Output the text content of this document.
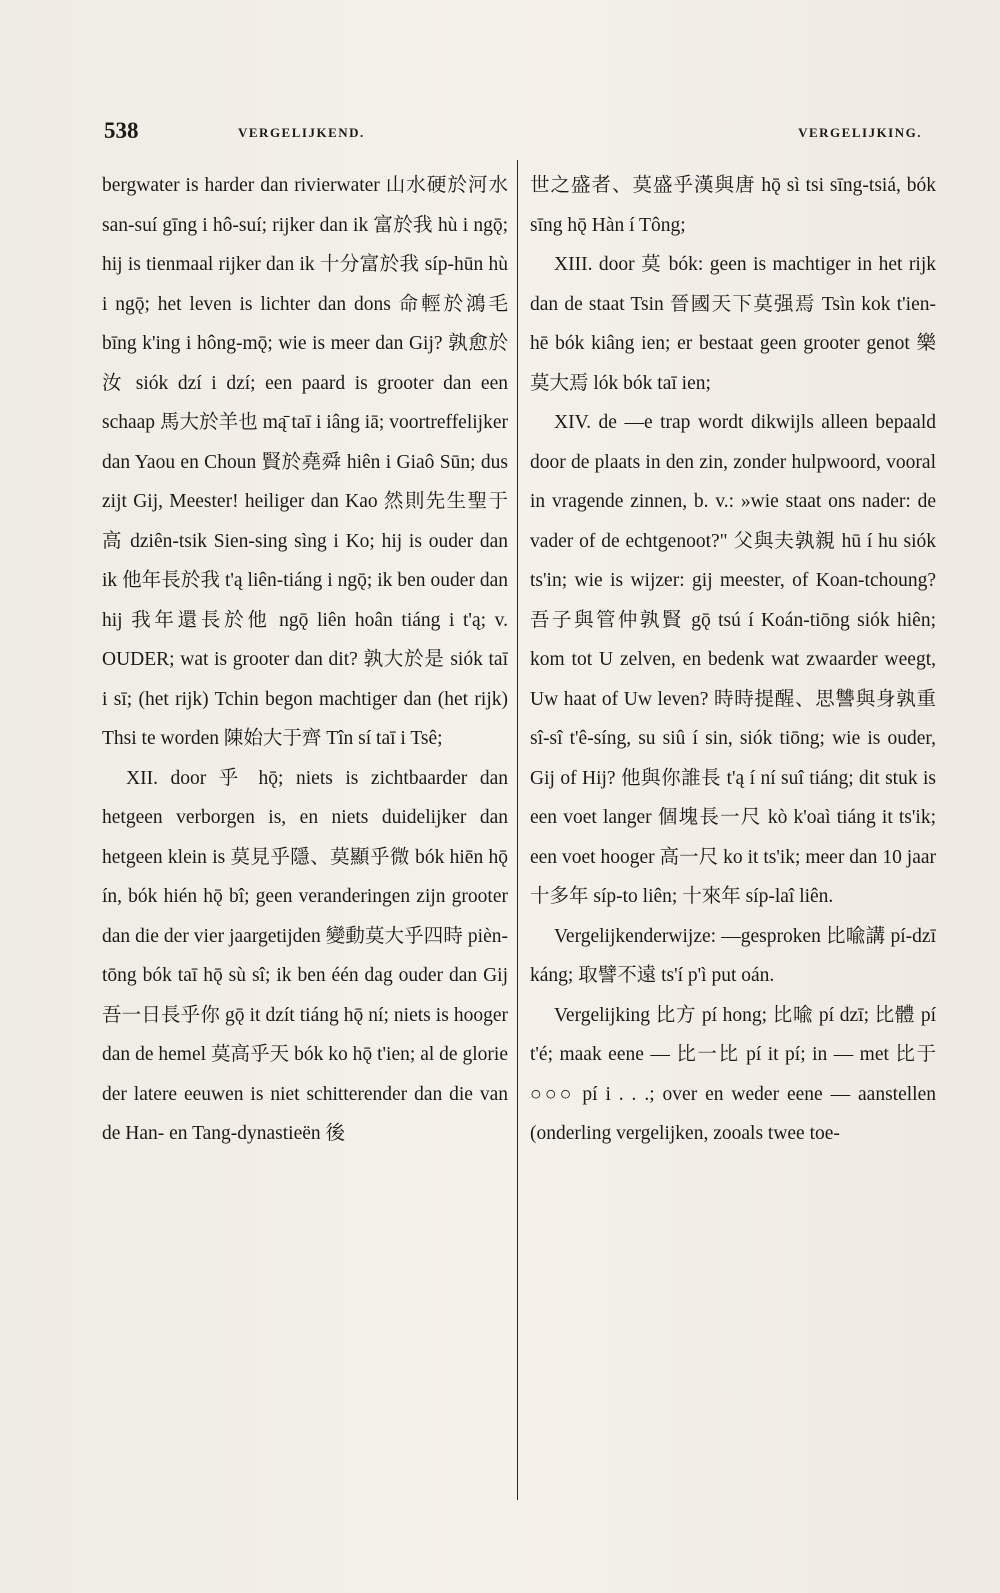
538	VERGELIJKEND.	VERGELIJKING.

bergwater is harder dan rivierwater 山水硬於河水 san-suí gīng i hô-suí; rijker dan ik 富於我 hù i ngǭ; hij is tienmaal rijker dan ik 十分富於我 síp-hūn hù i ngǭ; het leven is lichter dan dons 命輕於鴻毛 bīng k'ing i hông-mǭ; wie is meer dan Gij? 孰愈於汝 siók dzí i dzí; een paard is grooter dan een schaap 馬大於羊也 mą̄ taī i iâng iā; voortreffelijker dan Yaou en Choun 賢於堯舜 hiên i Giaô Sūn; dus zijt Gij, Meester! heiliger dan Kao 然則先生聖于高 dziên-tsik Sien-sing sìng i Ko; hij is ouder dan ik 他年長於我 t'ą liên-tiáng i ngǭ; ik ben ouder dan hij 我年還長於他 ngǭ liên hoân tiáng i t'ą; v. OUDER; wat is grooter dan dit? 孰大於是 siók taī i sī; (het rijk) Tchin begon machtiger dan (het rijk) Thsi te worden 陳始大于齊 Tîn sí taī i Tsê;

XII. door 乎 hǭ; niets is zichtbaarder dan hetgeen verborgen is, en niets duidelijker dan hetgeen klein is 莫見乎隱、莫顯乎微 bók hiēn hǭ ín, bók hién hǭ bî; geen veranderingen zijn grooter dan die der vier jaargetijden 變動莫大乎四時 pièn-tōng bók taī hǭ sù sî; ik ben één dag ouder dan Gij 吾一日長乎你 gǭ it dzít tiáng hǭ ní; niets is hooger dan de hemel 莫高乎天 bók ko hǭ t'ien; al de glorie der latere eeuwen is niet schitterender dan die van de Han- en Tang-dynastieën 後

世之盛者、莫盛乎漢與唐 hǭ sì tsi sīng-tsiá, bók sīng hǭ Hàn í Tông;

XIII. door 莫 bók: geen is machtiger in het rijk dan de staat Tsin 晉國天下莫强焉 Tsìn kok t'ien-hē bók kiâng ien; er bestaat geen grooter genot 樂莫大焉 lók bók taī ien;

XIV. de —e trap wordt dikwijls alleen bepaald door de plaats in den zin, zonder hulpwoord, vooral in vragende zinnen, b. v.: »wie staat ons nader: de vader of de echtgenoot?" 父與夫孰親 hū í hu siók ts'in; wie is wijzer: gij meester, of Koan-tchoung? 吾子與管仲孰賢 gǭ tsú í Koán-tiōng siók hiên; kom tot U zelven, en bedenk wat zwaarder weegt, Uw haat of Uw leven? 時時提醒、思讐與身孰重 sî-sî t'ê-síng, su siû í sin, siók tiōng; wie is ouder, Gij of Hij? 他與你誰長 t'ą í ní suî tiáng; dit stuk is een voet langer 個塊長一尺 kò k'oaì tiáng it ts'ik; een voet hooger 高一尺 ko it ts'ik; meer dan 10 jaar 十多年 síp-to liên; 十來年 síp-laî liên.

Vergelijkenderwijze: —gesproken 比喩講 pí-dzī káng; 取譬不遠 ts'í p'ì put oán.

Vergelijking 比方 pí hong; 比喩 pí dzī; 比體 pí t'é; maak eene — 比一比 pí it pí; in — met 比于○○○ pí i . . .; over en weder eene — aanstellen (onderling vergelijken, zooals twee toe-
